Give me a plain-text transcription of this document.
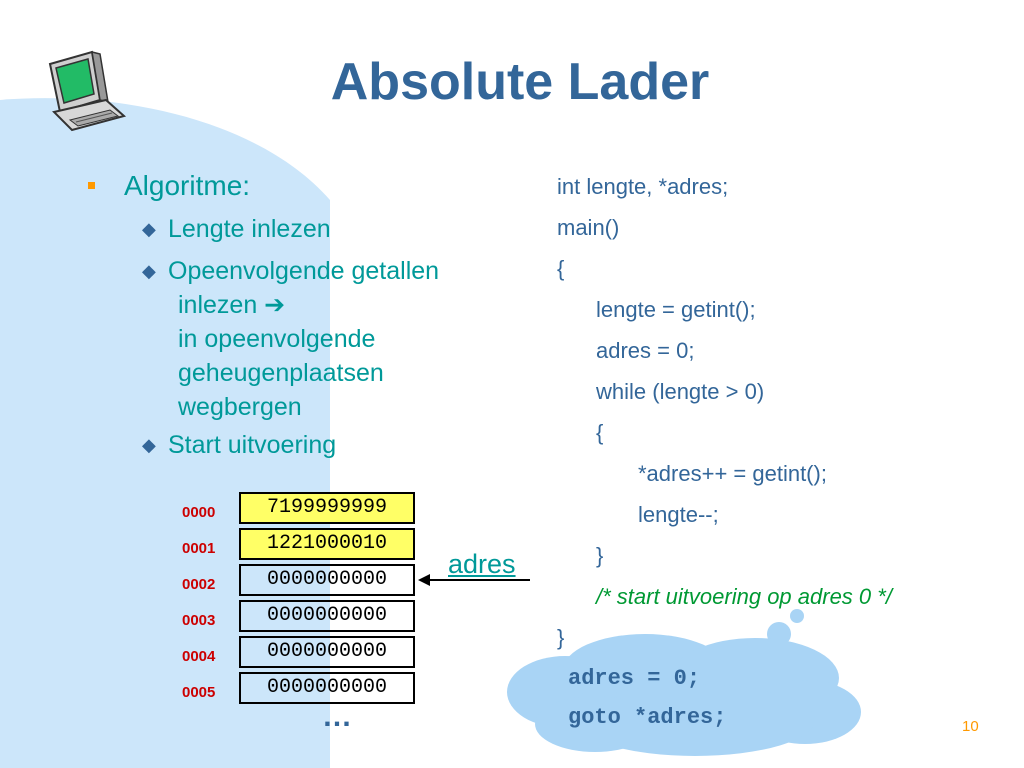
Absolute Lader
Algoritme:
◆ Lengte inlezen
◆ Opeenvolgende getallen
inlezen ➔
in opeenvolgende
geheugenplaatsen
wegbergen
◆ Start uitvoering
int lengte, *adres;
main()
{
lengte = getint();
adres = 0;
while (lengte > 0)
{
*adres++ = getint();
lengte--;
}
/* start uitvoering op adres 0 */
}
0000
0001
0002
0003
0004
0005
7199999999
1221000010
0000000000
0000000000
0000000000
0000000000
…
adres
adres = 0;
goto *adres;	10
